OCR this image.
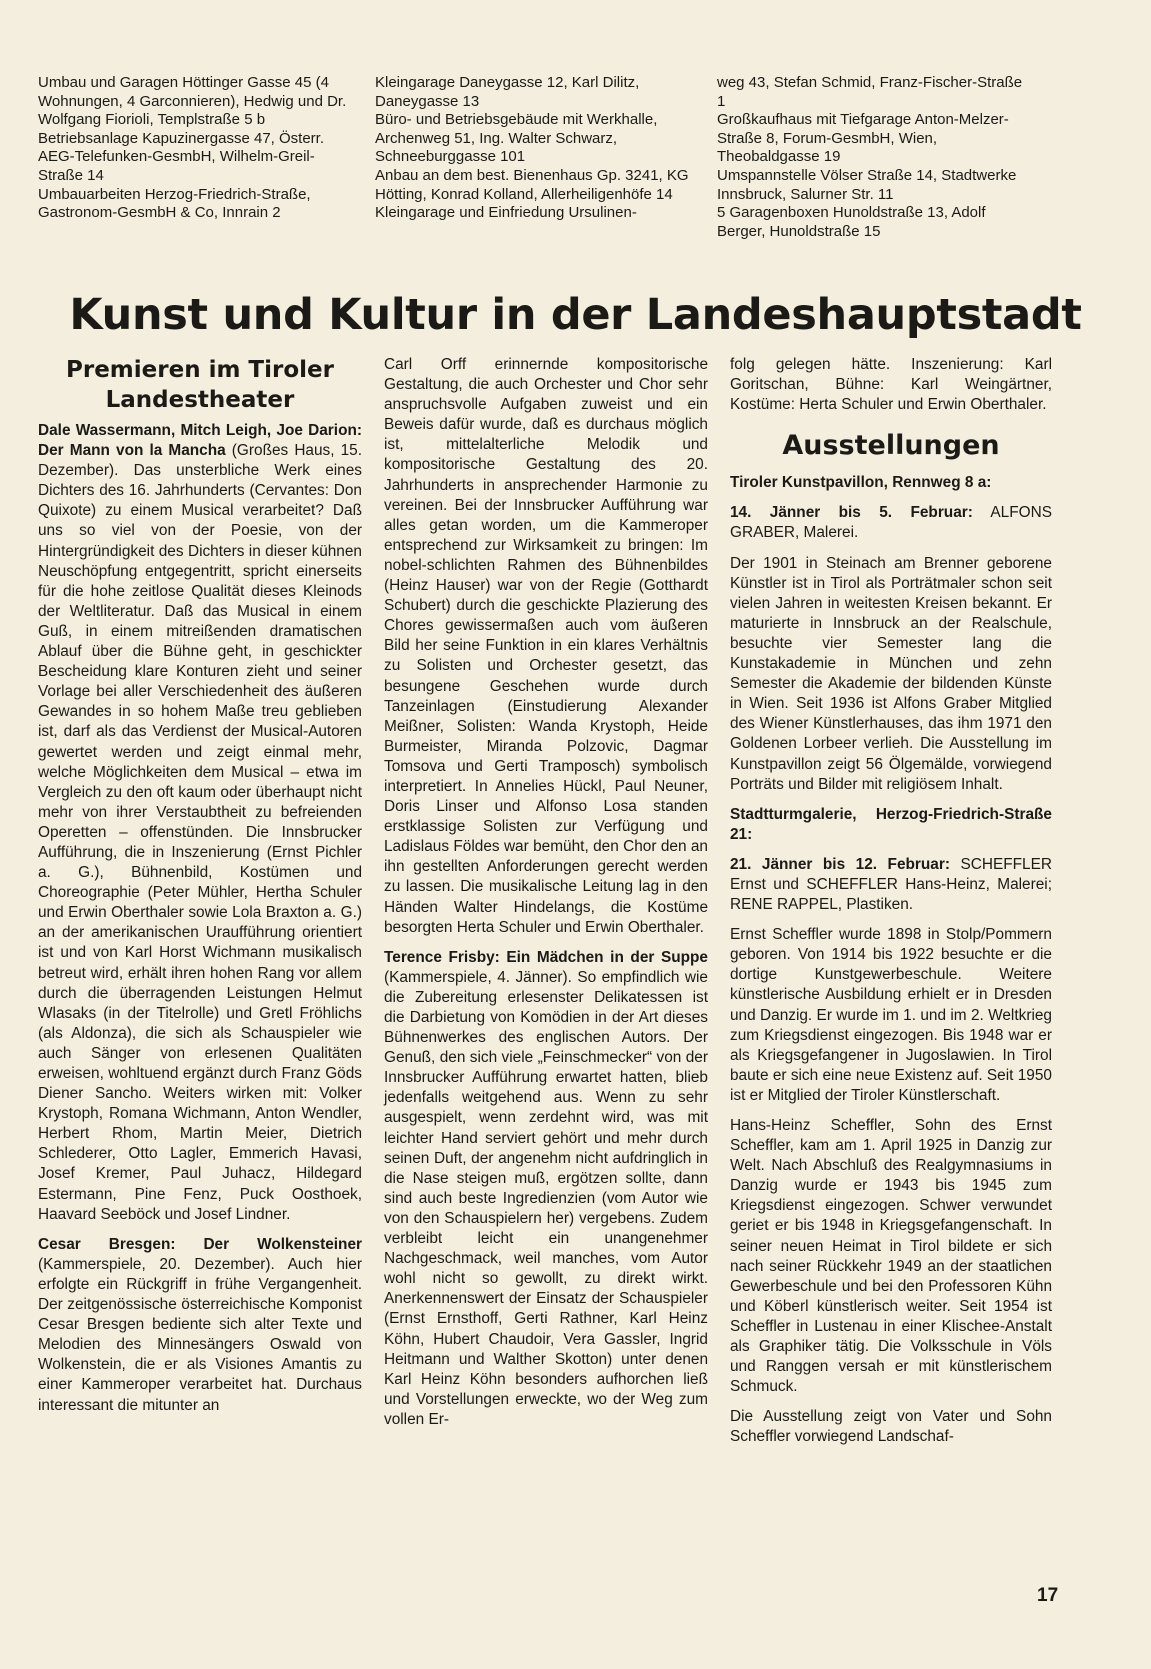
Umbau und Garagen Höttinger Gasse 45 (4 Wohnungen, 4 Garconnieren), Hedwig und Dr. Wolfgang Fiorioli, Templstraße 5 b
Betriebsanlage Kapuzinergasse 47, Österr. AEG-Telefunken-GesmbH, Wilhelm-Greil-Straße 14
Umbauarbeiten Herzog-Friedrich-Straße, Gastronom-GesmbH & Co, Innrain 2

Kleingarage Daneygasse 12, Karl Dilitz, Daneygasse 13
Büro- und Betriebsgebäude mit Werkhalle, Archenweg 51, Ing. Walter Schwarz, Schneeburggasse 101
Anbau an dem best. Bienenhaus Gp. 3241, KG Hötting, Konrad Kolland, Allerheiligenhöfe 14
Kleingarage und Einfriedung Ursulinen-

weg 43, Stefan Schmid, Franz-Fischer-Straße 1
Großkaufhaus mit Tiefgarage Anton-Melzer-Straße 8, Forum-GesmbH, Wien, Theobaldgasse 19
Umspannstelle Völser Straße 14, Stadtwerke Innsbruck, Salurner Str. 11
5 Garagenboxen Hunoldstraße 13, Adolf Berger, Hunoldstraße 15

Kunst und Kultur in der Landeshauptstadt
Premieren im Tiroler Landestheater

Dale Wassermann, Mitch Leigh, Joe Darion: Der Mann von la Mancha (Großes Haus, 15. Dezember). Das unsterbliche Werk eines Dichters des 16. Jahrhunderts (Cervantes: Don Quixote) zu einem Musical verarbeitet? Daß uns so viel von der Poesie, von der Hintergründigkeit des Dichters in dieser kühnen Neuschöpfung entgegentritt, spricht einerseits für die hohe zeitlose Qualität dieses Kleinods der Weltliteratur. Daß das Musical in einem Guß, in einem mitreißenden dramatischen Ablauf über die Bühne geht, in geschickter Bescheidung klare Konturen zieht und seiner Vorlage bei aller Verschiedenheit des äußeren Gewandes in so hohem Maße treu geblieben ist, darf als das Verdienst der Musical-Autoren gewertet werden und zeigt einmal mehr, welche Möglichkeiten dem Musical – etwa im Vergleich zu den oft kaum oder überhaupt nicht mehr von ihrer Verstaubtheit zu befreienden Operetten – offenstünden. Die Innsbrucker Aufführung, die in Inszenierung (Ernst Pichler a. G.), Bühnenbild, Kostümen und Choreographie (Peter Mühler, Hertha Schuler und Erwin Oberthaler sowie Lola Braxton a. G.) an der amerikanischen Uraufführung orientiert ist und von Karl Horst Wichmann musikalisch betreut wird, erhält ihren hohen Rang vor allem durch die überragenden Leistungen Helmut Wlasaks (in der Titelrolle) und Gretl Fröhlichs (als Aldonza), die sich als Schauspieler wie auch Sänger von erlesenen Qualitäten erweisen, wohltuend ergänzt durch Franz Göds Diener Sancho. Weiters wirken mit: Volker Krystoph, Romana Wichmann, Anton Wendler, Herbert Rhom, Martin Meier, Dietrich Schlederer, Otto Lagler, Emmerich Havasi, Josef Kremer, Paul Juhacz, Hildegard Estermann, Pine Fenz, Puck Oosthoek, Haavard Seeböck und Josef Lindner.

Cesar Bresgen: Der Wolkensteiner (Kammerspiele, 20. Dezember). Auch hier erfolgte ein Rückgriff in frühe Vergangenheit. Der zeitgenössische österreichische Komponist Cesar Bresgen bediente sich alter Texte und Melodien des Minnesängers Oswald von Wolkenstein, die er als Visiones Amantis zu einer Kammeroper verarbeitet hat. Durchaus interessant die mitunter an

Carl Orff erinnernde kompositorische Gestaltung, die auch Orchester und Chor sehr anspruchsvolle Aufgaben zuweist und ein Beweis dafür wurde, daß es durchaus möglich ist, mittelalterliche Melodik und kompositorische Gestaltung des 20. Jahrhunderts in ansprechender Harmonie zu vereinen. Bei der Innsbrucker Aufführung war alles getan worden, um die Kammeroper entsprechend zur Wirksamkeit zu bringen: Im nobel-schlichten Rahmen des Bühnenbildes (Heinz Hauser) war von der Regie (Gotthardt Schubert) durch die geschickte Plazierung des Chores gewissermaßen auch vom äußeren Bild her seine Funktion in ein klares Verhältnis zu Solisten und Orchester gesetzt, das besungene Geschehen wurde durch Tanzeinlagen (Einstudierung Alexander Meißner, Solisten: Wanda Krystoph, Heide Burmeister, Miranda Polzovic, Dagmar Tomsova und Gerti Tramposch) symbolisch interpretiert. In Annelies Hückl, Paul Neuner, Doris Linser und Alfonso Losa standen erstklassige Solisten zur Verfügung und Ladislaus Földes war bemüht, den Chor den an ihn gestellten Anforderungen gerecht werden zu lassen. Die musikalische Leitung lag in den Händen Walter Hindelangs, die Kostüme besorgten Herta Schuler und Erwin Oberthaler.

Terence Frisby: Ein Mädchen in der Suppe (Kammerspiele, 4. Jänner). So empfindlich wie die Zubereitung erlesenster Delikatessen ist die Darbietung von Komödien in der Art dieses Bühnenwerkes des englischen Autors. Der Genuß, den sich viele „Feinschmecker“ von der Innsbrucker Aufführung erwartet hatten, blieb jedenfalls weitgehend aus. Wenn zu sehr ausgespielt, wenn zerdehnt wird, was mit leichter Hand serviert gehört und mehr durch seinen Duft, der angenehm nicht aufdringlich in die Nase steigen muß, ergötzen sollte, dann sind auch beste Ingredienzien (vom Autor wie von den Schauspielern her) vergebens. Zudem verbleibt leicht ein unangenehmer Nachgeschmack, weil manches, vom Autor wohl nicht so gewollt, zu direkt wirkt. Anerkennenswert der Einsatz der Schauspieler (Ernst Ernsthoff, Gerti Rathner, Karl Heinz Köhn, Hubert Chaudoir, Vera Gassler, Ingrid Heitmann und Walther Skotton) unter denen Karl Heinz Köhn besonders aufhorchen ließ und Vorstellungen erweckte, wo der Weg zum vollen Er-

folg gelegen hätte. Inszenierung: Karl Goritschan, Bühne: Karl Weingärtner, Kostüme: Herta Schuler und Erwin Oberthaler.

Ausstellungen

Tiroler Kunstpavillon, Rennweg 8 a:

14. Jänner bis 5. Februar: ALFONS GRABER, Malerei.

Der 1901 in Steinach am Brenner geborene Künstler ist in Tirol als Porträtmaler schon seit vielen Jahren in weitesten Kreisen bekannt. Er maturierte in Innsbruck an der Realschule, besuchte vier Semester lang die Kunstakademie in München und zehn Semester die Akademie der bildenden Künste in Wien. Seit 1936 ist Alfons Graber Mitglied des Wiener Künstlerhauses, das ihm 1971 den Goldenen Lorbeer verlieh. Die Ausstellung im Kunstpavillon zeigt 56 Ölgemälde, vorwiegend Porträts und Bilder mit religiösem Inhalt.

Stadtturmgalerie, Herzog-Friedrich-Straße 21:

21. Jänner bis 12. Februar: SCHEFFLER Ernst und SCHEFFLER Hans-Heinz, Malerei; RENE RAPPEL, Plastiken.

Ernst Scheffler wurde 1898 in Stolp/Pommern geboren. Von 1914 bis 1922 besuchte er die dortige Kunstgewerbeschule. Weitere künstlerische Ausbildung erhielt er in Dresden und Danzig. Er wurde im 1. und im 2. Weltkrieg zum Kriegsdienst eingezogen. Bis 1948 war er als Kriegsgefangener in Jugoslawien. In Tirol baute er sich eine neue Existenz auf. Seit 1950 ist er Mitglied der Tiroler Künstlerschaft.

Hans-Heinz Scheffler, Sohn des Ernst Scheffler, kam am 1. April 1925 in Danzig zur Welt. Nach Abschluß des Realgymnasiums in Danzig wurde er 1943 bis 1945 zum Kriegsdienst eingezogen. Schwer verwundet geriet er bis 1948 in Kriegsgefangenschaft. In seiner neuen Heimat in Tirol bildete er sich nach seiner Rückkehr 1949 an der staatlichen Gewerbeschule und bei den Professoren Kühn und Köberl künstlerisch weiter. Seit 1954 ist Scheffler in Lustenau in einer Klischee-Anstalt als Graphiker tätig. Die Volksschule in Völs und Ranggen versah er mit künstlerischem Schmuck.

Die Ausstellung zeigt von Vater und Sohn Scheffler vorwiegend Landschaf-

17
